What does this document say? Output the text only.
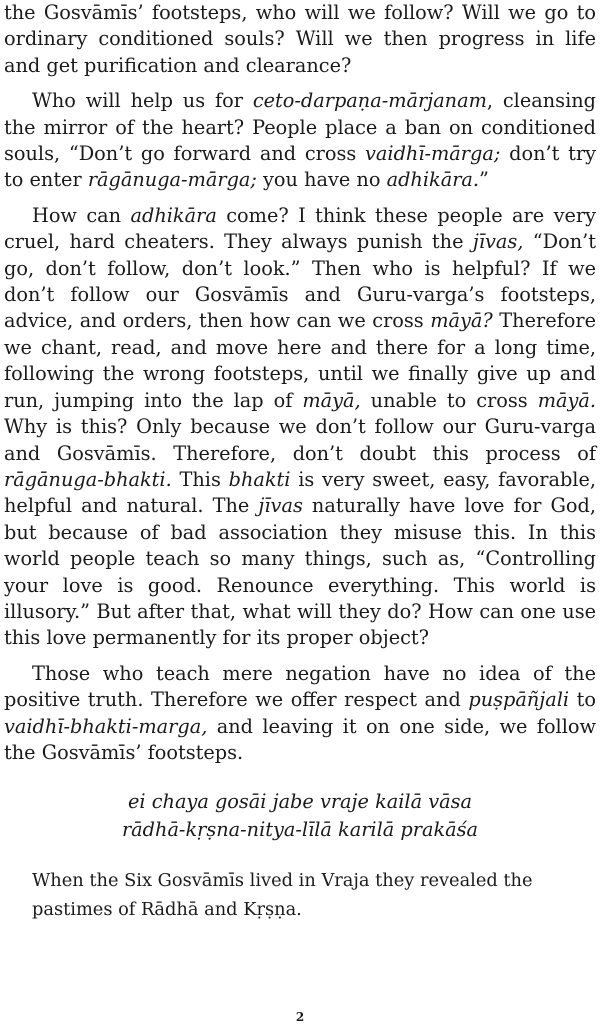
the Gosvāmīs’ footsteps, who will we follow? Will we go to ordinary conditioned souls? Will we then progress in life and get purification and clearance?

Who will help us for ceto-darpaṇa-mārjanam, cleansing the mirror of the heart? People place a ban on conditioned souls, “Don’t go forward and cross vaidhī-mārga; don’t try to enter rāgānuga-mārga; you have no adhikāra.”

How can adhikāra come? I think these people are very cruel, hard cheaters. They always punish the jīvas, “Don’t go, don’t follow, don’t look.” Then who is helpful? If we don’t follow our Gosvāmīs and Guru-varga’s footsteps, advice, and orders, then how can we cross māyā? Therefore we chant, read, and move here and there for a long time, following the wrong footsteps, until we finally give up and run, jumping into the lap of māyā, unable to cross māyā. Why is this? Only because we don’t follow our Guru-varga and Gosvāmīs. Therefore, don’t doubt this process of rāgānuga-bhakti. This bhakti is very sweet, easy, favorable, helpful and natural. The jīvas naturally have love for God, but because of bad association they misuse this. In this world people teach so many things, such as, “Controlling your love is good. Renounce everything. This world is illusory.” But after that, what will they do? How can one use this love permanently for its proper object?

Those who teach mere negation have no idea of the positive truth. Therefore we offer respect and puṣpāñjali to vaidhī-bhakti-marga, and leaving it on one side, we follow the Gosvāmīs’ footsteps.

ei chaya gosāi jabe vraje kailā vāsa
rādhā-kṛṣna-nitya-līlā karilā prakāśa

When the Six Gosvāmīs lived in Vraja they revealed the pastimes of Rādhā and Kṛṣṇa.

2
